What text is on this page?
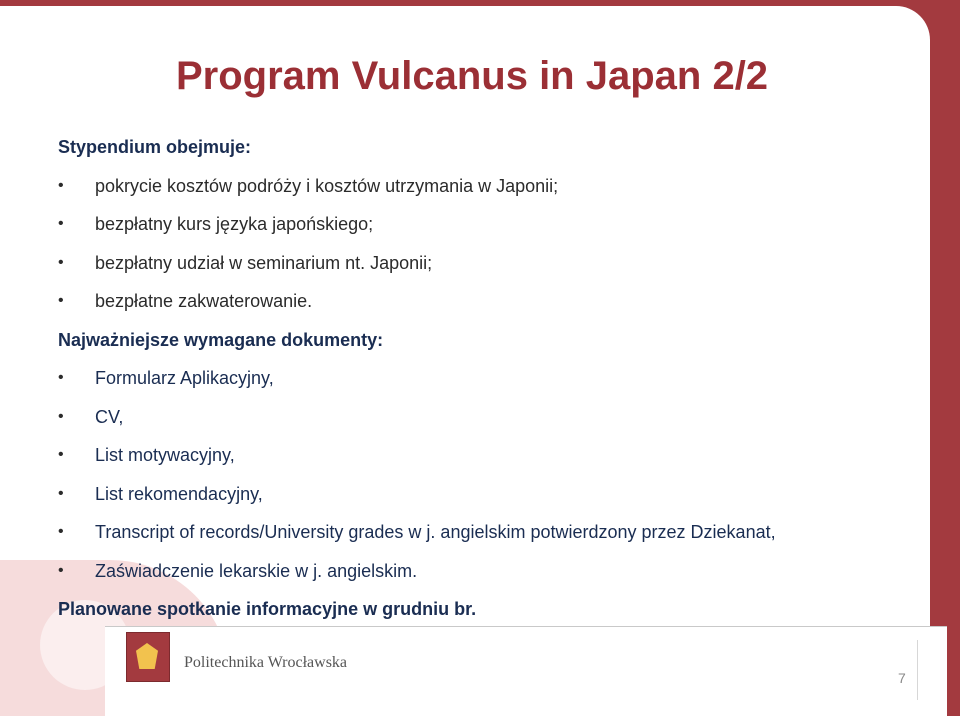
Program Vulcanus in Japan 2/2
Stypendium obejmuje:
• pokrycie kosztów podróży i kosztów utrzymania w Japonii;
• bezpłatny kurs języka japońskiego;
• bezpłatny udział w seminarium nt. Japonii;
• bezpłatne zakwaterowanie.
Najważniejsze wymagane dokumenty:
• Formularz Aplikacyjny,
• CV,
• List motywacyjny,
• List rekomendacyjny,
• Transcript of records/University grades w j. angielskim potwierdzony przez Dziekanat,
• Zaświadczenie lekarskie w j. angielskim.
Planowane spotkanie informacyjne w grudniu br.
Politechnika Wrocławska
7
